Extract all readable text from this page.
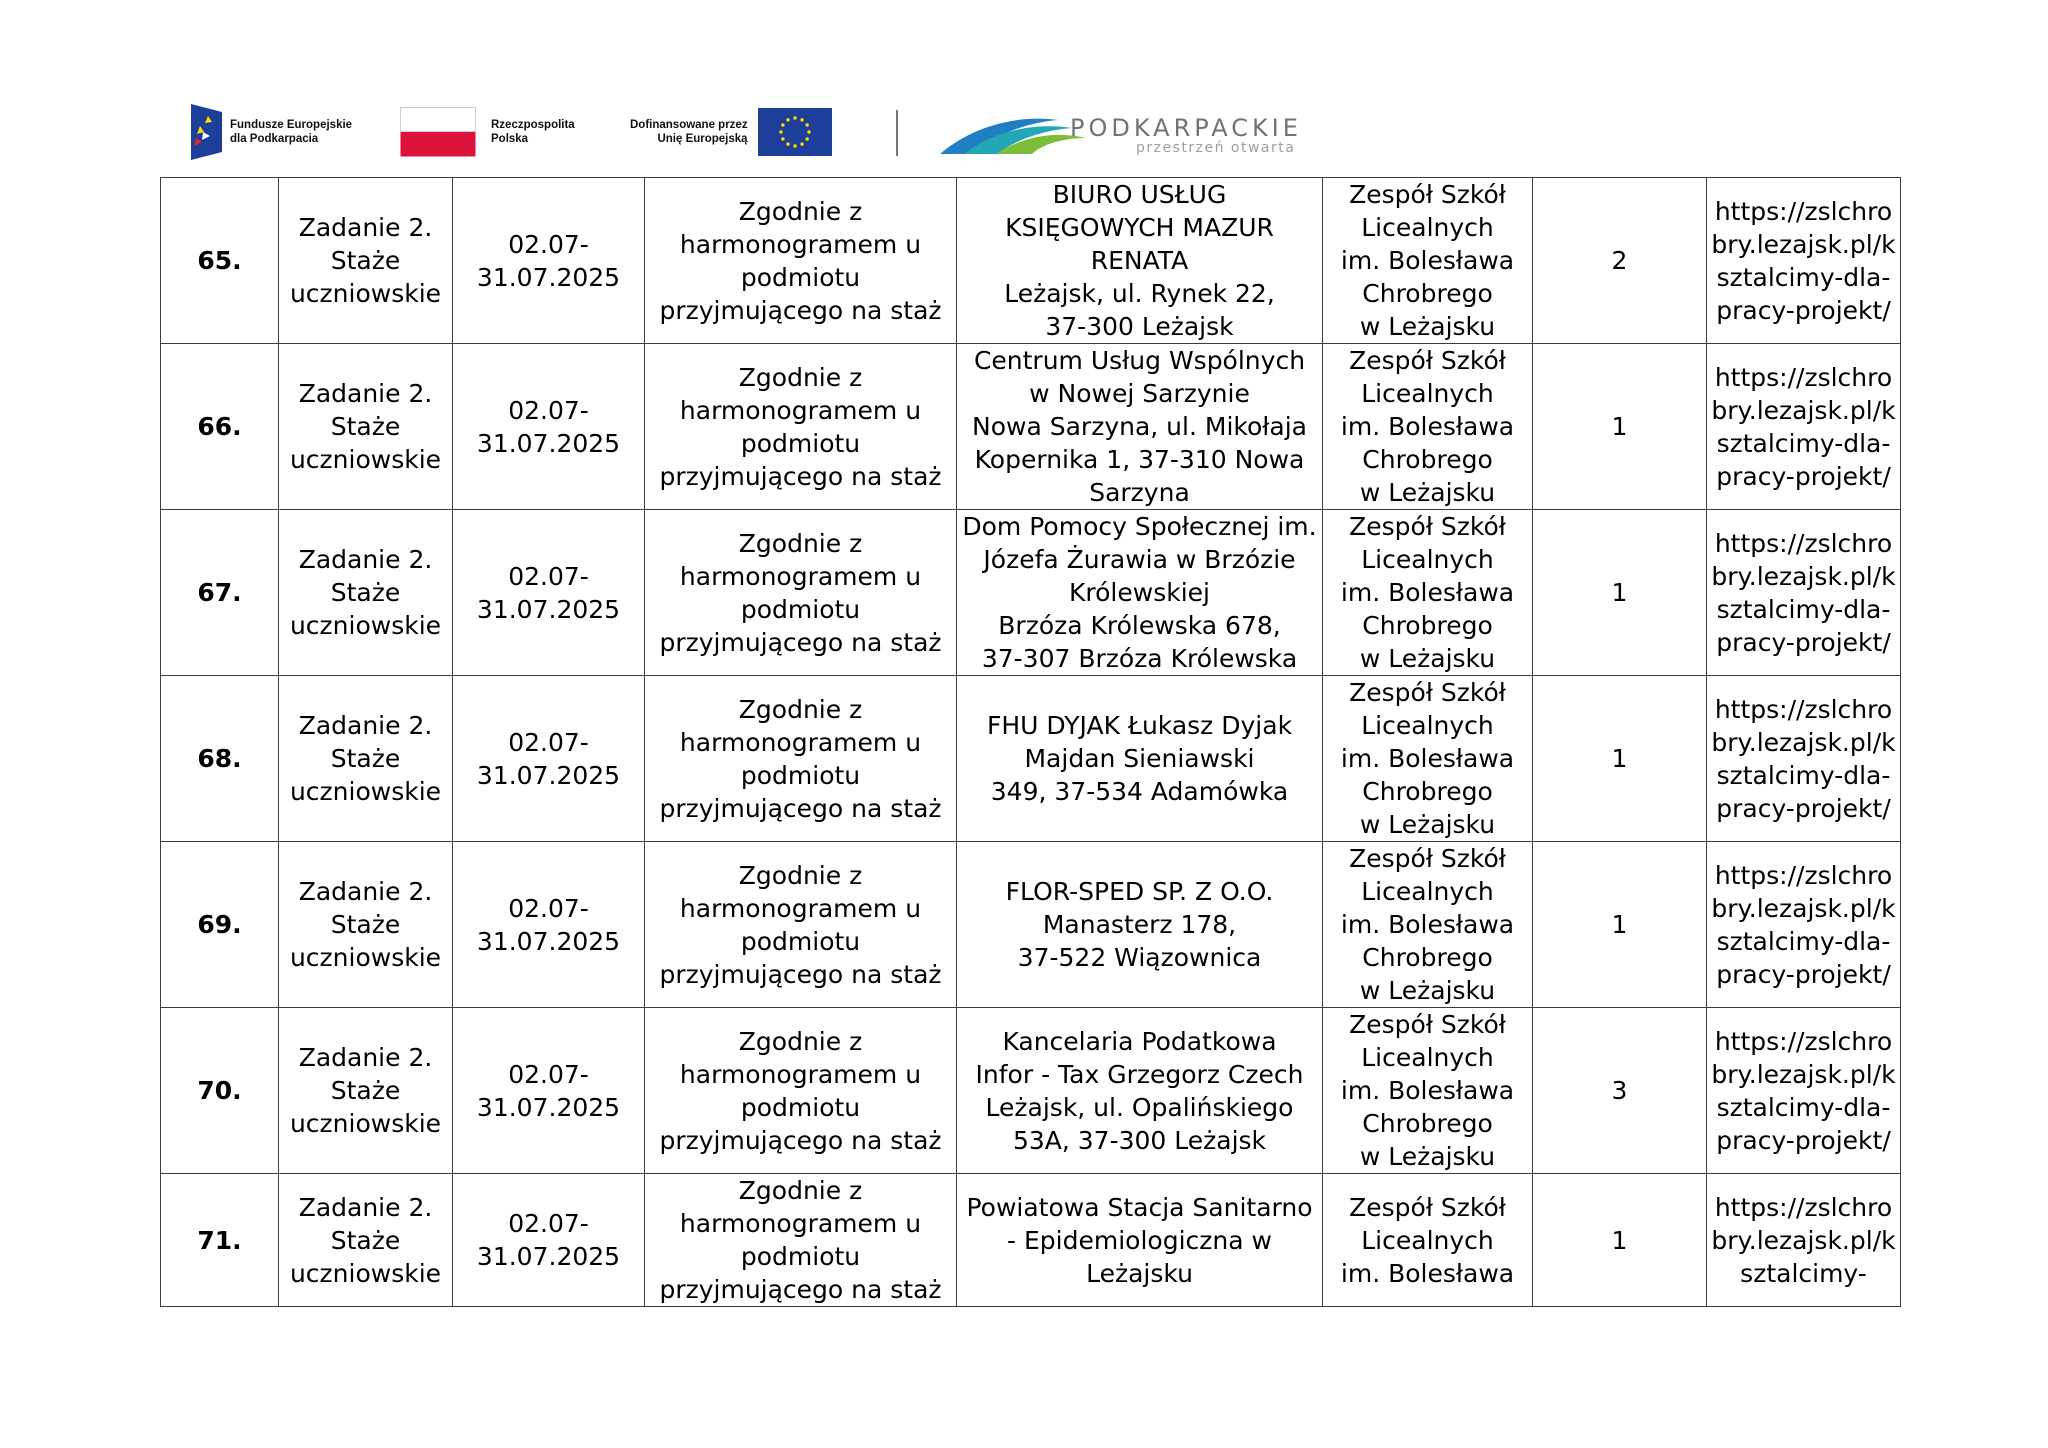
Fundusze Europejskie
dla Podkarpacia
Rzeczpospolita
Polska
Dofinansowane przez
Unię Europejską	PODKARPACKIE
przestrzeń otwarta
65.	Zadanie 2.
Staże
uczniowskie	02.07-
31.07.2025	Zgodnie z
harmonogramem u
podmiotu
przyjmującego na staż	BIURO USŁUG
KSIĘGOWYCH MAZUR
RENATA
Leżajsk, ul. Rynek 22,
37-300 Leżajsk	Zespół Szkół
Licealnych
im. Bolesława
Chrobrego
w Leżajsku	2	https://zslchrobry.lezajsk.pl/ksztalcimy-dla-pracy-projekt/
66.	Zadanie 2.
Staże
uczniowskie	02.07-
31.07.2025	Zgodnie z
harmonogramem u
podmiotu
przyjmującego na staż	Centrum Usług Wspólnych
w Nowej Sarzynie
Nowa Sarzyna, ul. Mikołaja
Kopernika 1, 37-310 Nowa
Sarzyna	Zespół Szkół
Licealnych
im. Bolesława
Chrobrego
w Leżajsku	1	https://zslchrobry.lezajsk.pl/ksztalcimy-dla-pracy-projekt/
67.	Zadanie 2.
Staże
uczniowskie	02.07-
31.07.2025	Zgodnie z
harmonogramem u
podmiotu
przyjmującego na staż	Dom Pomocy Społecznej im.
Józefa Żurawia w Brzózie
Królewskiej
Brzóza Królewska 678,
37-307 Brzóza Królewska	Zespół Szkół
Licealnych
im. Bolesława
Chrobrego
w Leżajsku	1	https://zslchrobry.lezajsk.pl/ksztalcimy-dla-pracy-projekt/
68.	Zadanie 2.
Staże
uczniowskie	02.07-
31.07.2025	Zgodnie z
harmonogramem u
podmiotu
przyjmującego na staż	FHU DYJAK Łukasz Dyjak
Majdan Sieniawski
349, 37-534 Adamówka	Zespół Szkół
Licealnych
im. Bolesława
Chrobrego
w Leżajsku	1	https://zslchrobry.lezajsk.pl/ksztalcimy-dla-pracy-projekt/
69.	Zadanie 2.
Staże
uczniowskie	02.07-
31.07.2025	Zgodnie z
harmonogramem u
podmiotu
przyjmującego na staż	FLOR-SPED SP. Z O.O.
Manasterz 178,
37-522 Wiązownica	Zespół Szkół
Licealnych
im. Bolesława
Chrobrego
w Leżajsku	1	https://zslchrobry.lezajsk.pl/ksztalcimy-dla-pracy-projekt/
70.	Zadanie 2.
Staże
uczniowskie	02.07-
31.07.2025	Zgodnie z
harmonogramem u
podmiotu
przyjmującego na staż	Kancelaria Podatkowa
Infor - Tax Grzegorz Czech
Leżajsk, ul. Opalińskiego
53A, 37-300 Leżajsk	Zespół Szkół
Licealnych
im. Bolesława
Chrobrego
w Leżajsku	3	https://zslchrobry.lezajsk.pl/ksztalcimy-dla-pracy-projekt/
71.	Zadanie 2.
Staże
uczniowskie	02.07-
31.07.2025	Zgodnie z
harmonogramem u
podmiotu
przyjmującego na staż	Powiatowa Stacja Sanitarno
- Epidemiologiczna w
Leżajsku	Zespół Szkół
Licealnych
im. Bolesława	1	https://zslchrobry.lezajsk.pl/ksztalcimy-
